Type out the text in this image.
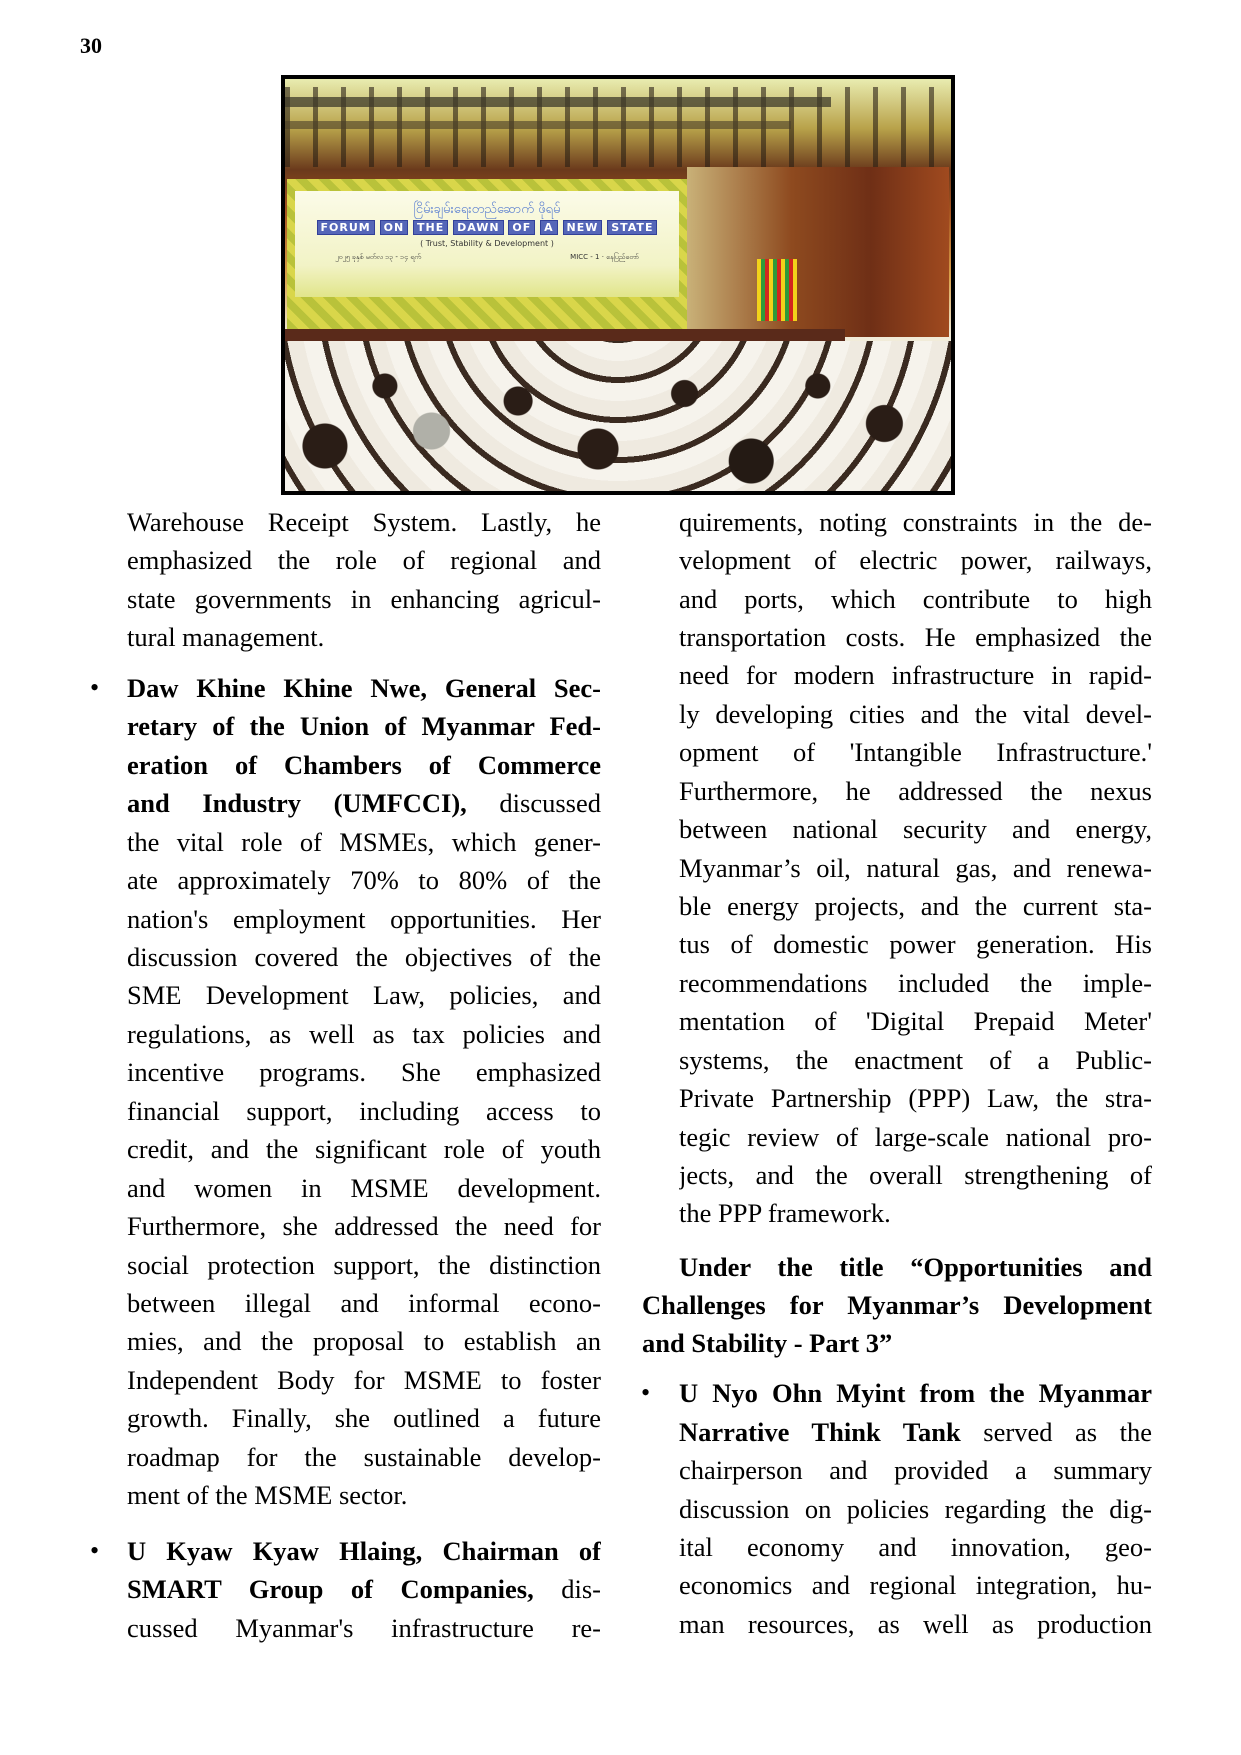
30
ငြိမ်းချမ်းရေးတည်ဆောက် ဖိုရမ်
FORUM ON THE DAWN OF A NEW STATE
( Trust, Stability & Development )
၂၀၂၅ ခုနှစ် မတ်လ ၁၃ - ၁၄ ရက်	MICC - 1 · နေပြည်တော်
Warehouse Receipt System. Lastly, he
emphasized the role of regional and
state governments in enhancing agricul-
tural management.
• Daw Khine Khine Nwe, General Sec-
retary of the Union of Myanmar Fed-
eration of Chambers of Commerce
and Industry (UMFCCI), discussed
the vital role of MSMEs, which gener-
ate approximately 70% to 80% of the
nation's employment opportunities. Her
discussion covered the objectives of the
SME Development Law, policies, and
regulations, as well as tax policies and
incentive programs. She emphasized
financial support, including access to
credit, and the significant role of youth
and women in MSME development.
Furthermore, she addressed the need for
social protection support, the distinction
between illegal and informal econo-
mies, and the proposal to establish an
Independent Body for MSME to foster
growth. Finally, she outlined a future
roadmap for the sustainable develop-
ment of the MSME sector.
• U Kyaw Kyaw Hlaing, Chairman of
SMART Group of Companies, dis-
cussed Myanmar's infrastructure re-
quirements, noting constraints in the de-
velopment of electric power, railways,
and ports, which contribute to high
transportation costs. He emphasized the
need for modern infrastructure in rapid-
ly developing cities and the vital devel-
opment of 'Intangible Infrastructure.'
Furthermore, he addressed the nexus
between national security and energy,
Myanmar’s oil, natural gas, and renewa-
ble energy projects, and the current sta-
tus of domestic power generation. His
recommendations included the imple-
mentation of 'Digital Prepaid Meter'
systems, the enactment of a Public-
Private Partnership (PPP) Law, the stra-
tegic review of large-scale national pro-
jects, and the overall strengthening of
the PPP framework.
Under the title “Opportunities and
Challenges for Myanmar’s Development
and Stability - Part 3”
• U Nyo Ohn Myint from the Myanmar
Narrative Think Tank served as the
chairperson and provided a summary
discussion on policies regarding the dig-
ital economy and innovation, geo-
economics and regional integration, hu-
man resources, as well as production
